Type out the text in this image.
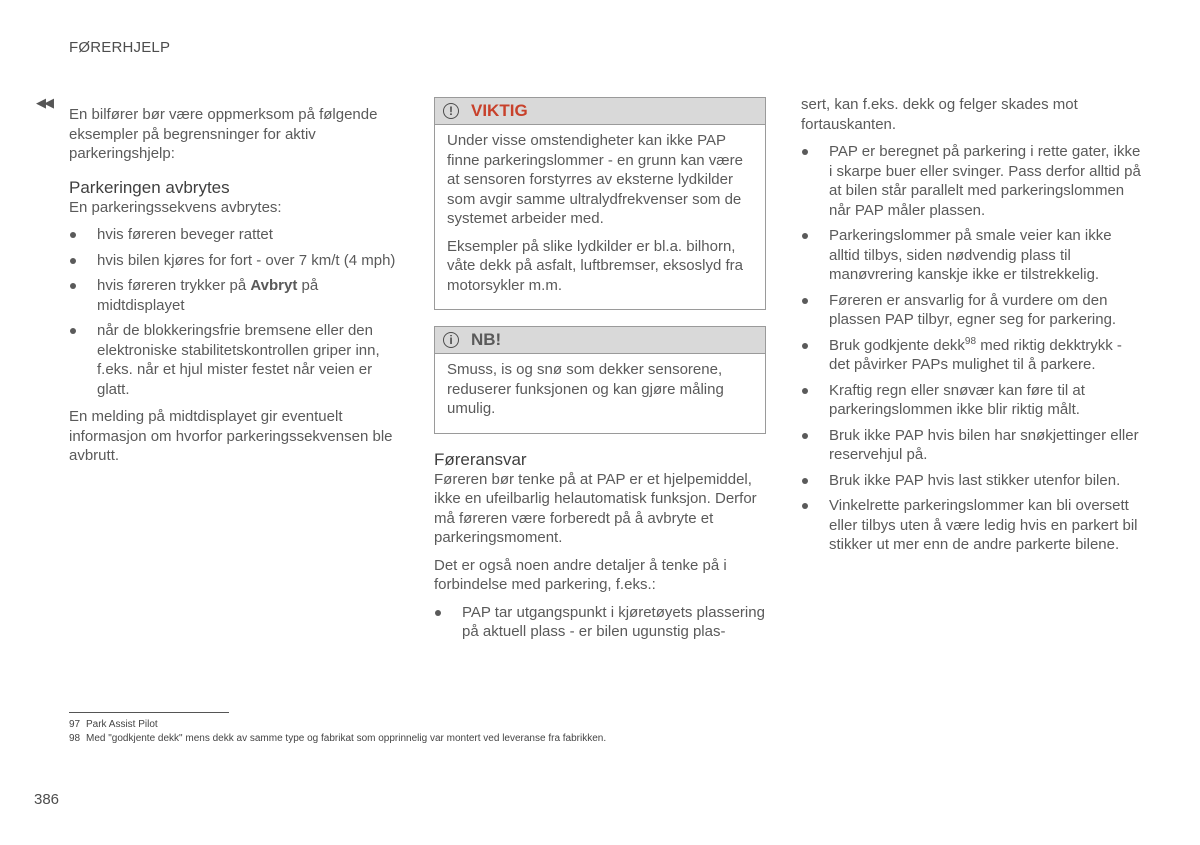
FØRERHJELP
◀◀

En bilfører bør være oppmerksom på følgende eksempler på begrensninger for aktiv parkeringshjelp:

Parkeringen avbrytes

En parkeringssekvens avbrytes:

hvis føreren beveger rattet
hvis bilen kjøres for fort - over 7 km/t (4 mph)
hvis føreren trykker på Avbryt på midtdisplayet
når de blokkeringsfrie bremsene eller den elektroniske stabilitetskontrollen griper inn, f.eks. når et hjul mister festet når veien er glatt.

En melding på midtdisplayet gir eventuelt informasjon om hvorfor parkeringssekvensen ble avbrutt.

!	VIKTIG

Under visse omstendigheter kan ikke PAP finne parkeringslommer - en grunn kan være at sensoren forstyrres av eksterne lydkilder som avgir samme ultralydfrekvenser som de systemet arbeider med.

Eksempler på slike lydkilder er bl.a. bilhorn, våte dekk på asfalt, luftbremser, eksoslyd fra motorsykler m.m.

i	NB!

Smuss, is og snø som dekker sensorene, reduserer funksjonen og kan gjøre måling umulig.

Føreransvar

Føreren bør tenke på at PAP er et hjelpemiddel, ikke en ufeilbarlig helautomatisk funksjon. Derfor må føreren være forberedt på å avbryte et parkeringsmoment.

Det er også noen andre detaljer å tenke på i forbindelse med parkering, f.eks.:

PAP tar utgangspunkt i kjøretøyets plassering på aktuell plass - er bilen ugunstig plas-

sert, kan f.eks. dekk og felger skades mot fortauskanten.

PAP er beregnet på parkering i rette gater, ikke i skarpe buer eller svinger. Pass derfor alltid på at bilen står parallelt med parkeringslommen når PAP måler plassen.
Parkeringslommer på smale veier kan ikke alltid tilbys, siden nødvendig plass til manøvrering kanskje ikke er tilstrekkelig.
Føreren er ansvarlig for å vurdere om den plassen PAP tilbyr, egner seg for parkering.
Bruk godkjente dekk$^{98}$ med riktig dekktrykk - det påvirker PAPs mulighet til å parkere.
Kraftig regn eller snøvær kan føre til at parkeringslommen ikke blir riktig målt.
Bruk ikke PAP hvis bilen har snøkjettinger eller reservehjul på.
Bruk ikke PAP hvis last stikker utenfor bilen.
Vinkelrette parkeringslommer kan bli oversett eller tilbys uten å være ledig hvis en parkert bil stikker ut mer enn de andre parkerte bilene.
97 Park Assist Pilot
98 Med "godkjente dekk" mens dekk av samme type og fabrikat som opprinnelig var montert ved leveranse fra fabrikken.
386
